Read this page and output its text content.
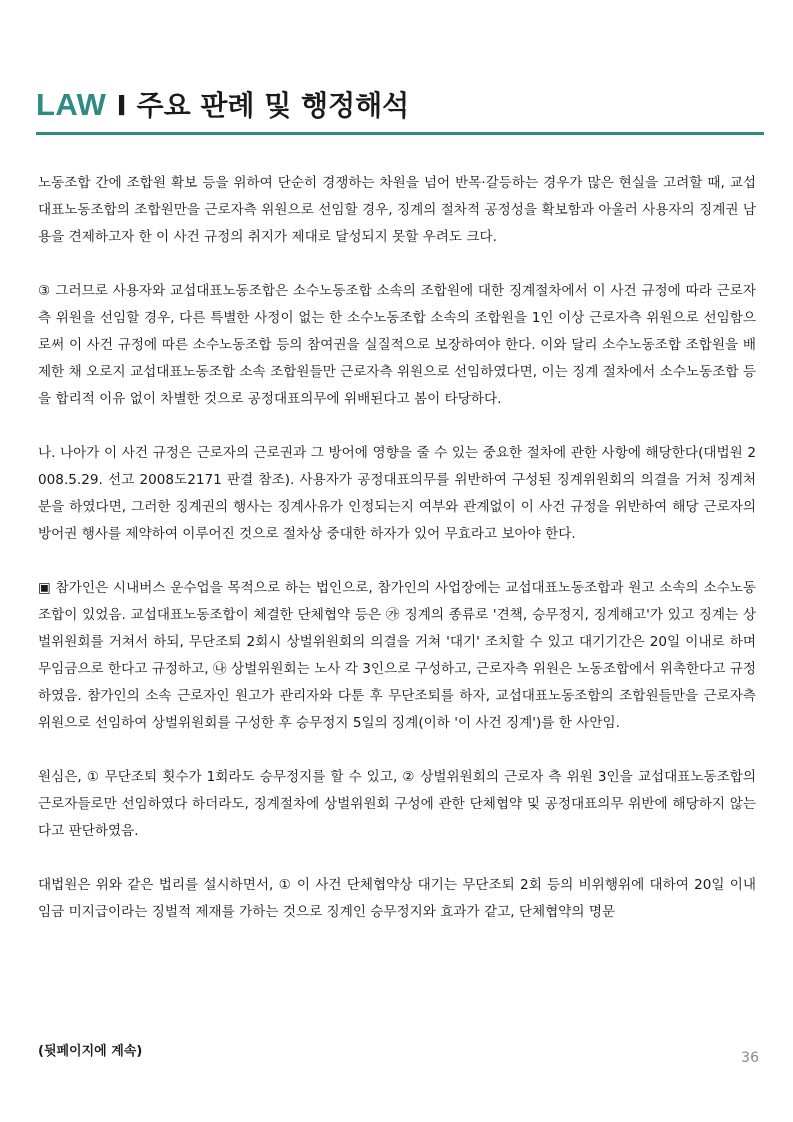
LAW I 주요 판례 및 행정해석

노동조합 간에 조합원 확보 등을 위하여 단순히 경쟁하는 차원을 넘어 반목·갈등하는 경우가 많은 현실을 고려할 때, 교섭대표노동조합의 조합원만을 근로자측 위원으로 선임할 경우, 징계의 절차적 공정성을 확보함과 아울러 사용자의 징계권 남용을 견제하고자 한 이 사건 규정의 취지가 제대로 달성되지 못할 우려도 크다.

③ 그러므로 사용자와 교섭대표노동조합은 소수노동조합 소속의 조합원에 대한 징계절차에서 이 사건 규정에 따라 근로자측 위원을 선임할 경우, 다른 특별한 사정이 없는 한 소수노동조합 소속의 조합원을 1인 이상 근로자측 위원으로 선임함으로써 이 사건 규정에 따른 소수노동조합 등의 참여권을 실질적으로 보장하여야 한다. 이와 달리 소수노동조합 조합원을 배제한 채 오로지 교섭대표노동조합 소속 조합원들만 근로자측 위원으로 선임하였다면, 이는 징계 절차에서 소수노동조합 등을 합리적 이유 없이 차별한 것으로 공정대표의무에 위배된다고 봄이 타당하다.

나. 나아가 이 사건 규정은 근로자의 근로권과 그 방어에 영향을 줄 수 있는 중요한 절차에 관한 사항에 해당한다(대법원 2008.5.29. 선고 2008도2171 판결 참조). 사용자가 공정대표의무를 위반하여 구성된 징계위원회의 의결을 거쳐 징계처분을 하였다면, 그러한 징계권의 행사는 징계사유가 인정되는지 여부와 관계없이 이 사건 규정을 위반하여 해당 근로자의 방어권 행사를 제약하여 이루어진 것으로 절차상 중대한 하자가 있어 무효라고 보아야 한다.

▣ 참가인은 시내버스 운수업을 목적으로 하는 법인으로, 참가인의 사업장에는 교섭대표노동조합과 원고 소속의 소수노동조합이 있었음. 교섭대표노동조합이 체결한 단체협약 등은 ㉮ 징계의 종류로 '견책, 승무정지, 징계해고'가 있고 징계는 상벌위원회를 거쳐서 하되, 무단조퇴 2회시 상벌위원회의 의결을 거쳐 '대기' 조치할 수 있고 대기기간은 20일 이내로 하며 무임금으로 한다고 규정하고, ㉯ 상벌위원회는 노사 각 3인으로 구성하고, 근로자측 위원은 노동조합에서 위촉한다고 규정하였음. 참가인의 소속 근로자인 원고가 관리자와 다툰 후 무단조퇴를 하자, 교섭대표노동조합의 조합원들만을 근로자측 위원으로 선임하여 상벌위원회를 구성한 후 승무정지 5일의 징계(이하 '이 사건 징계')를 한 사안임.

원심은, ① 무단조퇴 횟수가 1회라도 승무정지를 할 수 있고, ② 상벌위원회의 근로자 측 위원 3인을 교섭대표노동조합의 근로자들로만 선임하였다 하더라도, 징계절차에 상벌위원회 구성에 관한 단체협약 및 공정대표의무 위반에 해당하지 않는다고 판단하였음.

대법원은 위와 같은 법리를 설시하면서, ① 이 사건 단체협약상 대기는 무단조퇴 2회 등의 비위행위에 대하여 20일 이내 임금 미지급이라는 징벌적 제재를 가하는 것으로 징계인 승무정지와 효과가 같고, 단체협약의 명문

(뒷페이지에 계속)	36
